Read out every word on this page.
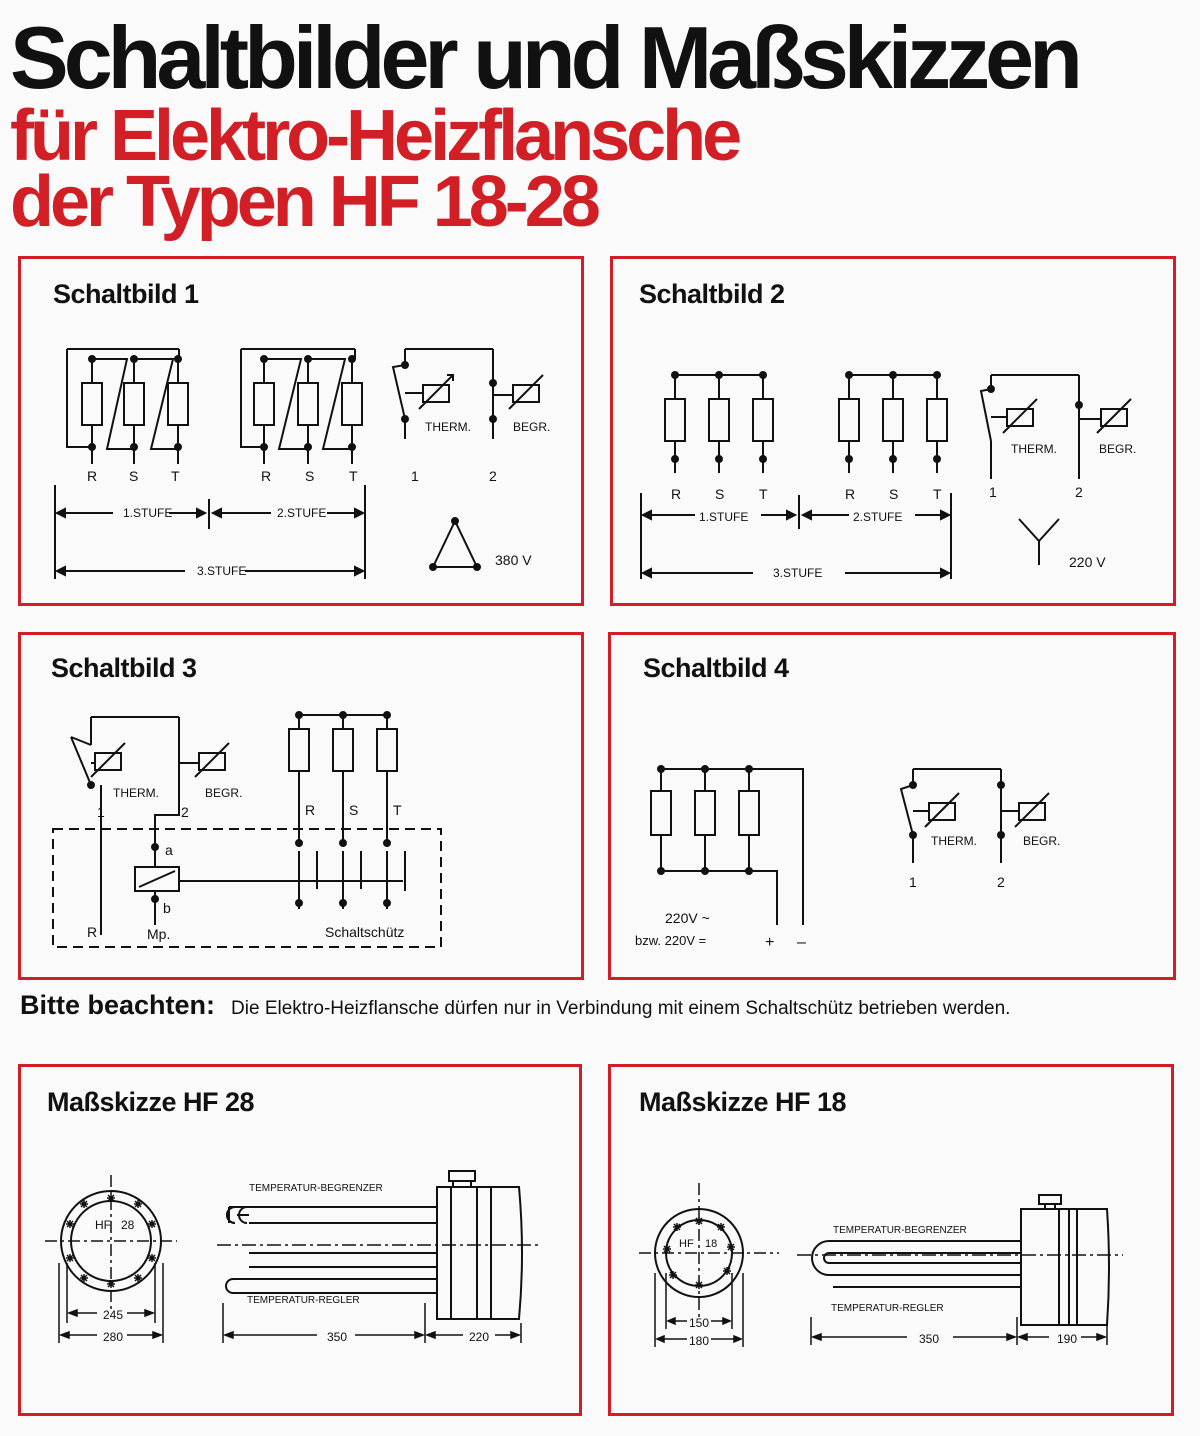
Schaltbilder und Maßskizzen
für Elektro-Heizflansche
der Typen HF 18-28
Schaltbild 1
R S T	R S T
1.STUFE	2.STUFE
3.STUFE
THERM.	BEGR.
1	2
380 V
Schaltbild 2
R S T	R S T
1.STUFE	2.STUFE
3.STUFE
THERM.	BEGR.
1	2
220 V
Schaltbild 3
THERM.	BEGR.
1	2	R S T
a
b
R	Mp.	Schaltschütz
Schaltbild 4
THERM.	BEGR.
1	2
220V ~
bzw. 220V =	+ –
Bitte beachten: Die Elektro-Heizflansche dürfen nur in Verbindung mit einem Schaltschütz betrieben werden.
Maßskizze HF 28
HF 28
TEMPERATUR-BEGRENZER
TEMPERATUR-REGLER
245
280	350	220
Maßskizze HF 18
HF 18
TEMPERATUR-BEGRENZER
TEMPERATUR-REGLER
150
180	350	190
